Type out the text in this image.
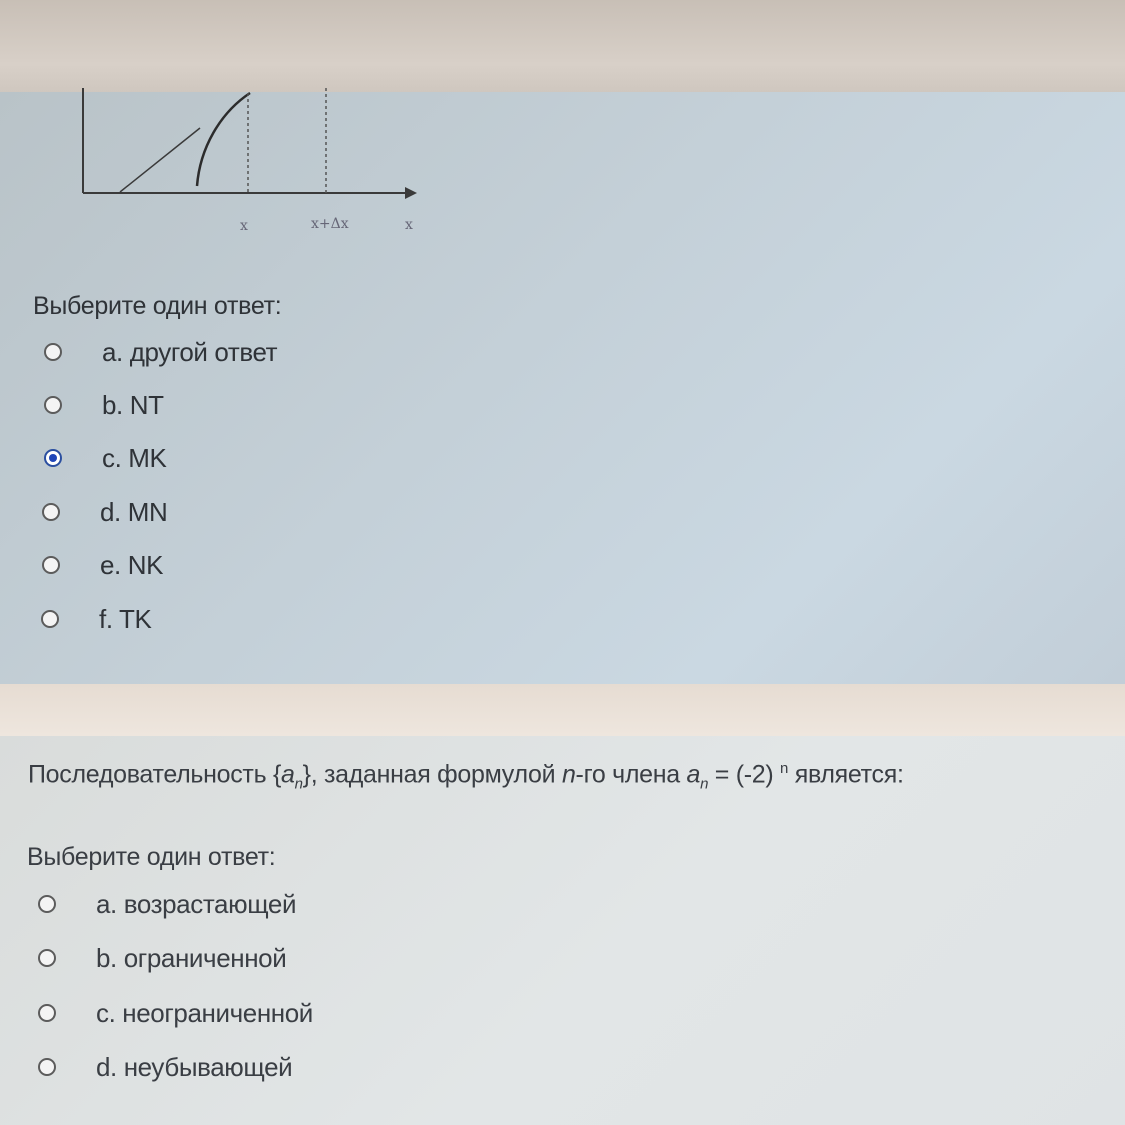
x	x+Δx	x
Выберите один ответ:
a. другой ответ
b. NT
c. MK
d. MN
e. NK
f. TK
Последовательность $\{a_n\}$, заданная формулой n-го члена $a_n = (-2)$ $^n$ является:
Выберите один ответ:
a. возрастающей
b. ограниченной
c. неограниченной
d. неубывающей
